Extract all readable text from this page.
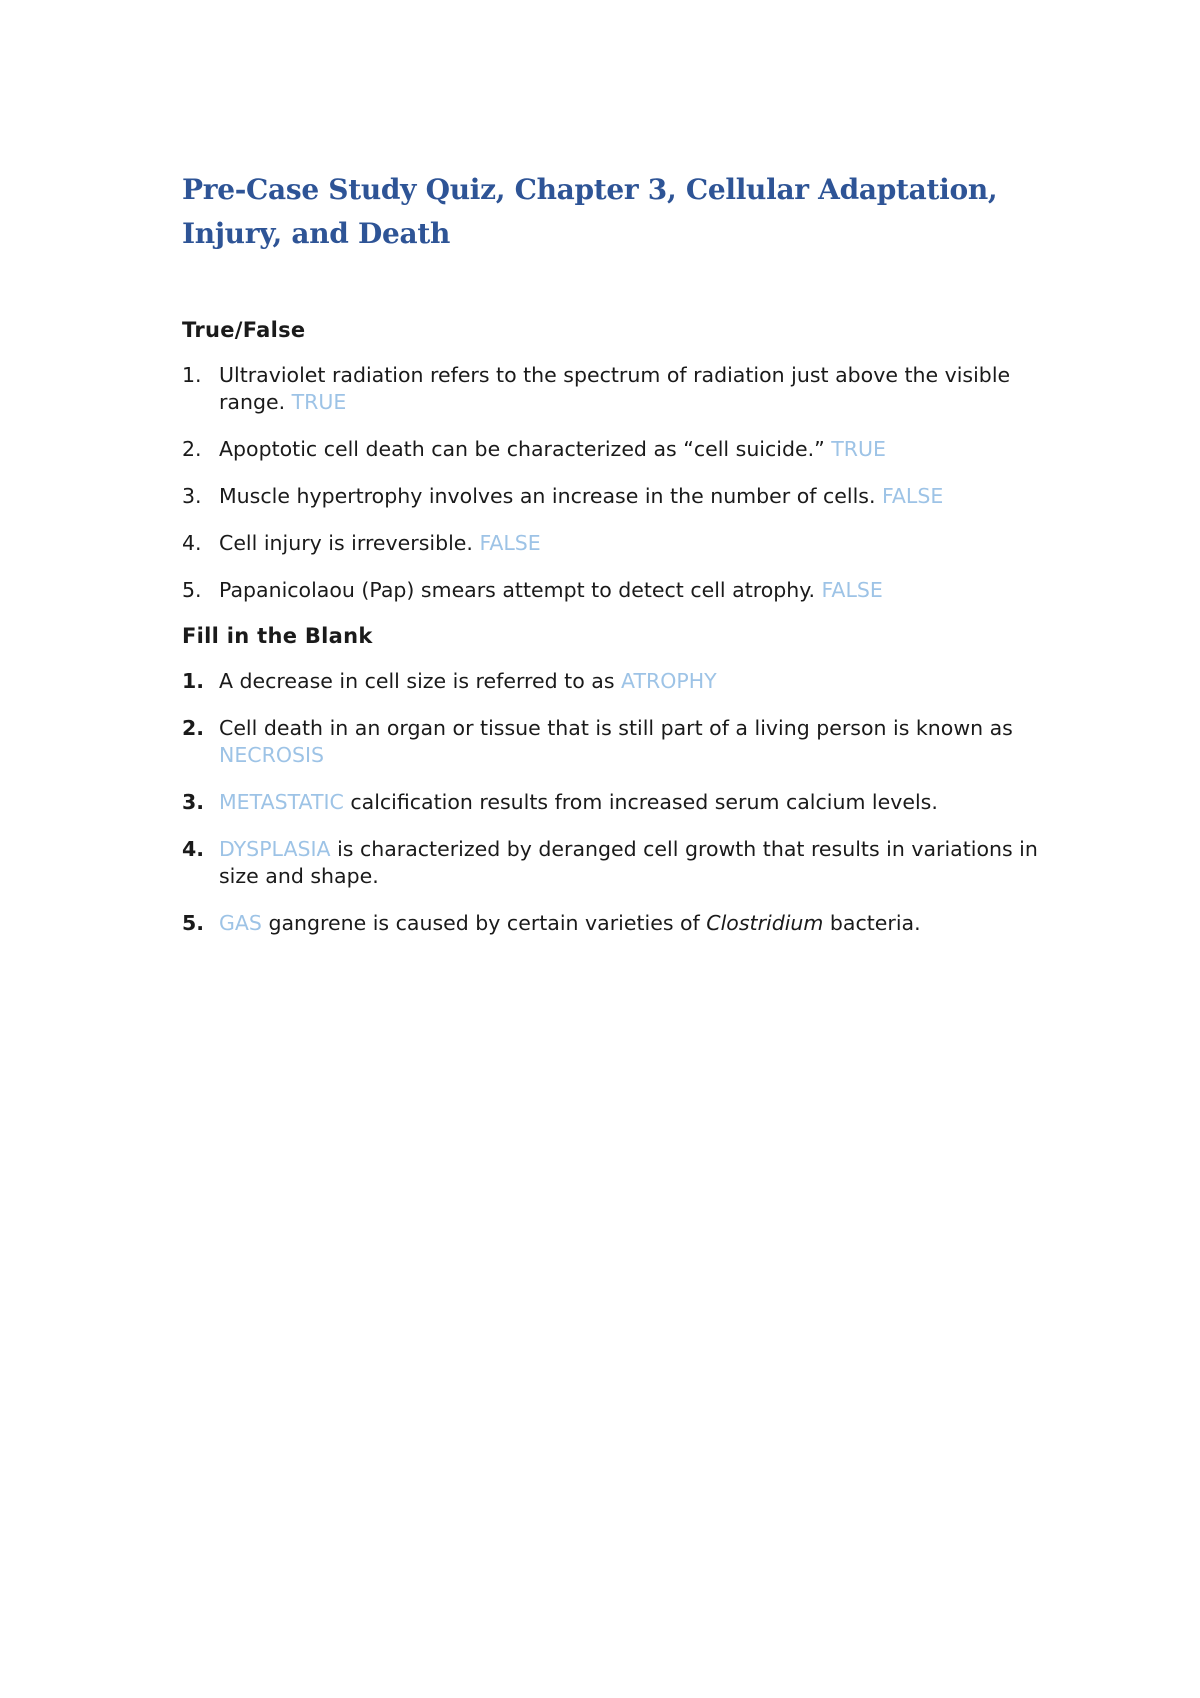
Pre-Case Study Quiz, Chapter 3, Cellular Adaptation, Injury, and Death
True/False
1. Ultraviolet radiation refers to the spectrum of radiation just above the visible range. TRUE
2. Apoptotic cell death can be characterized as “cell suicide.” TRUE
3. Muscle hypertrophy involves an increase in the number of cells. FALSE
4. Cell injury is irreversible. FALSE
5. Papanicolaou (Pap) smears attempt to detect cell atrophy. FALSE
Fill in the Blank
1. A decrease in cell size is referred to as ATROPHY
2. Cell death in an organ or tissue that is still part of a living person is known as NECROSIS
3. METASTATIC calcification results from increased serum calcium levels.
4. DYSPLASIA is characterized by deranged cell growth that results in variations in size and shape.
5. GAS gangrene is caused by certain varieties of Clostridium bacteria.
